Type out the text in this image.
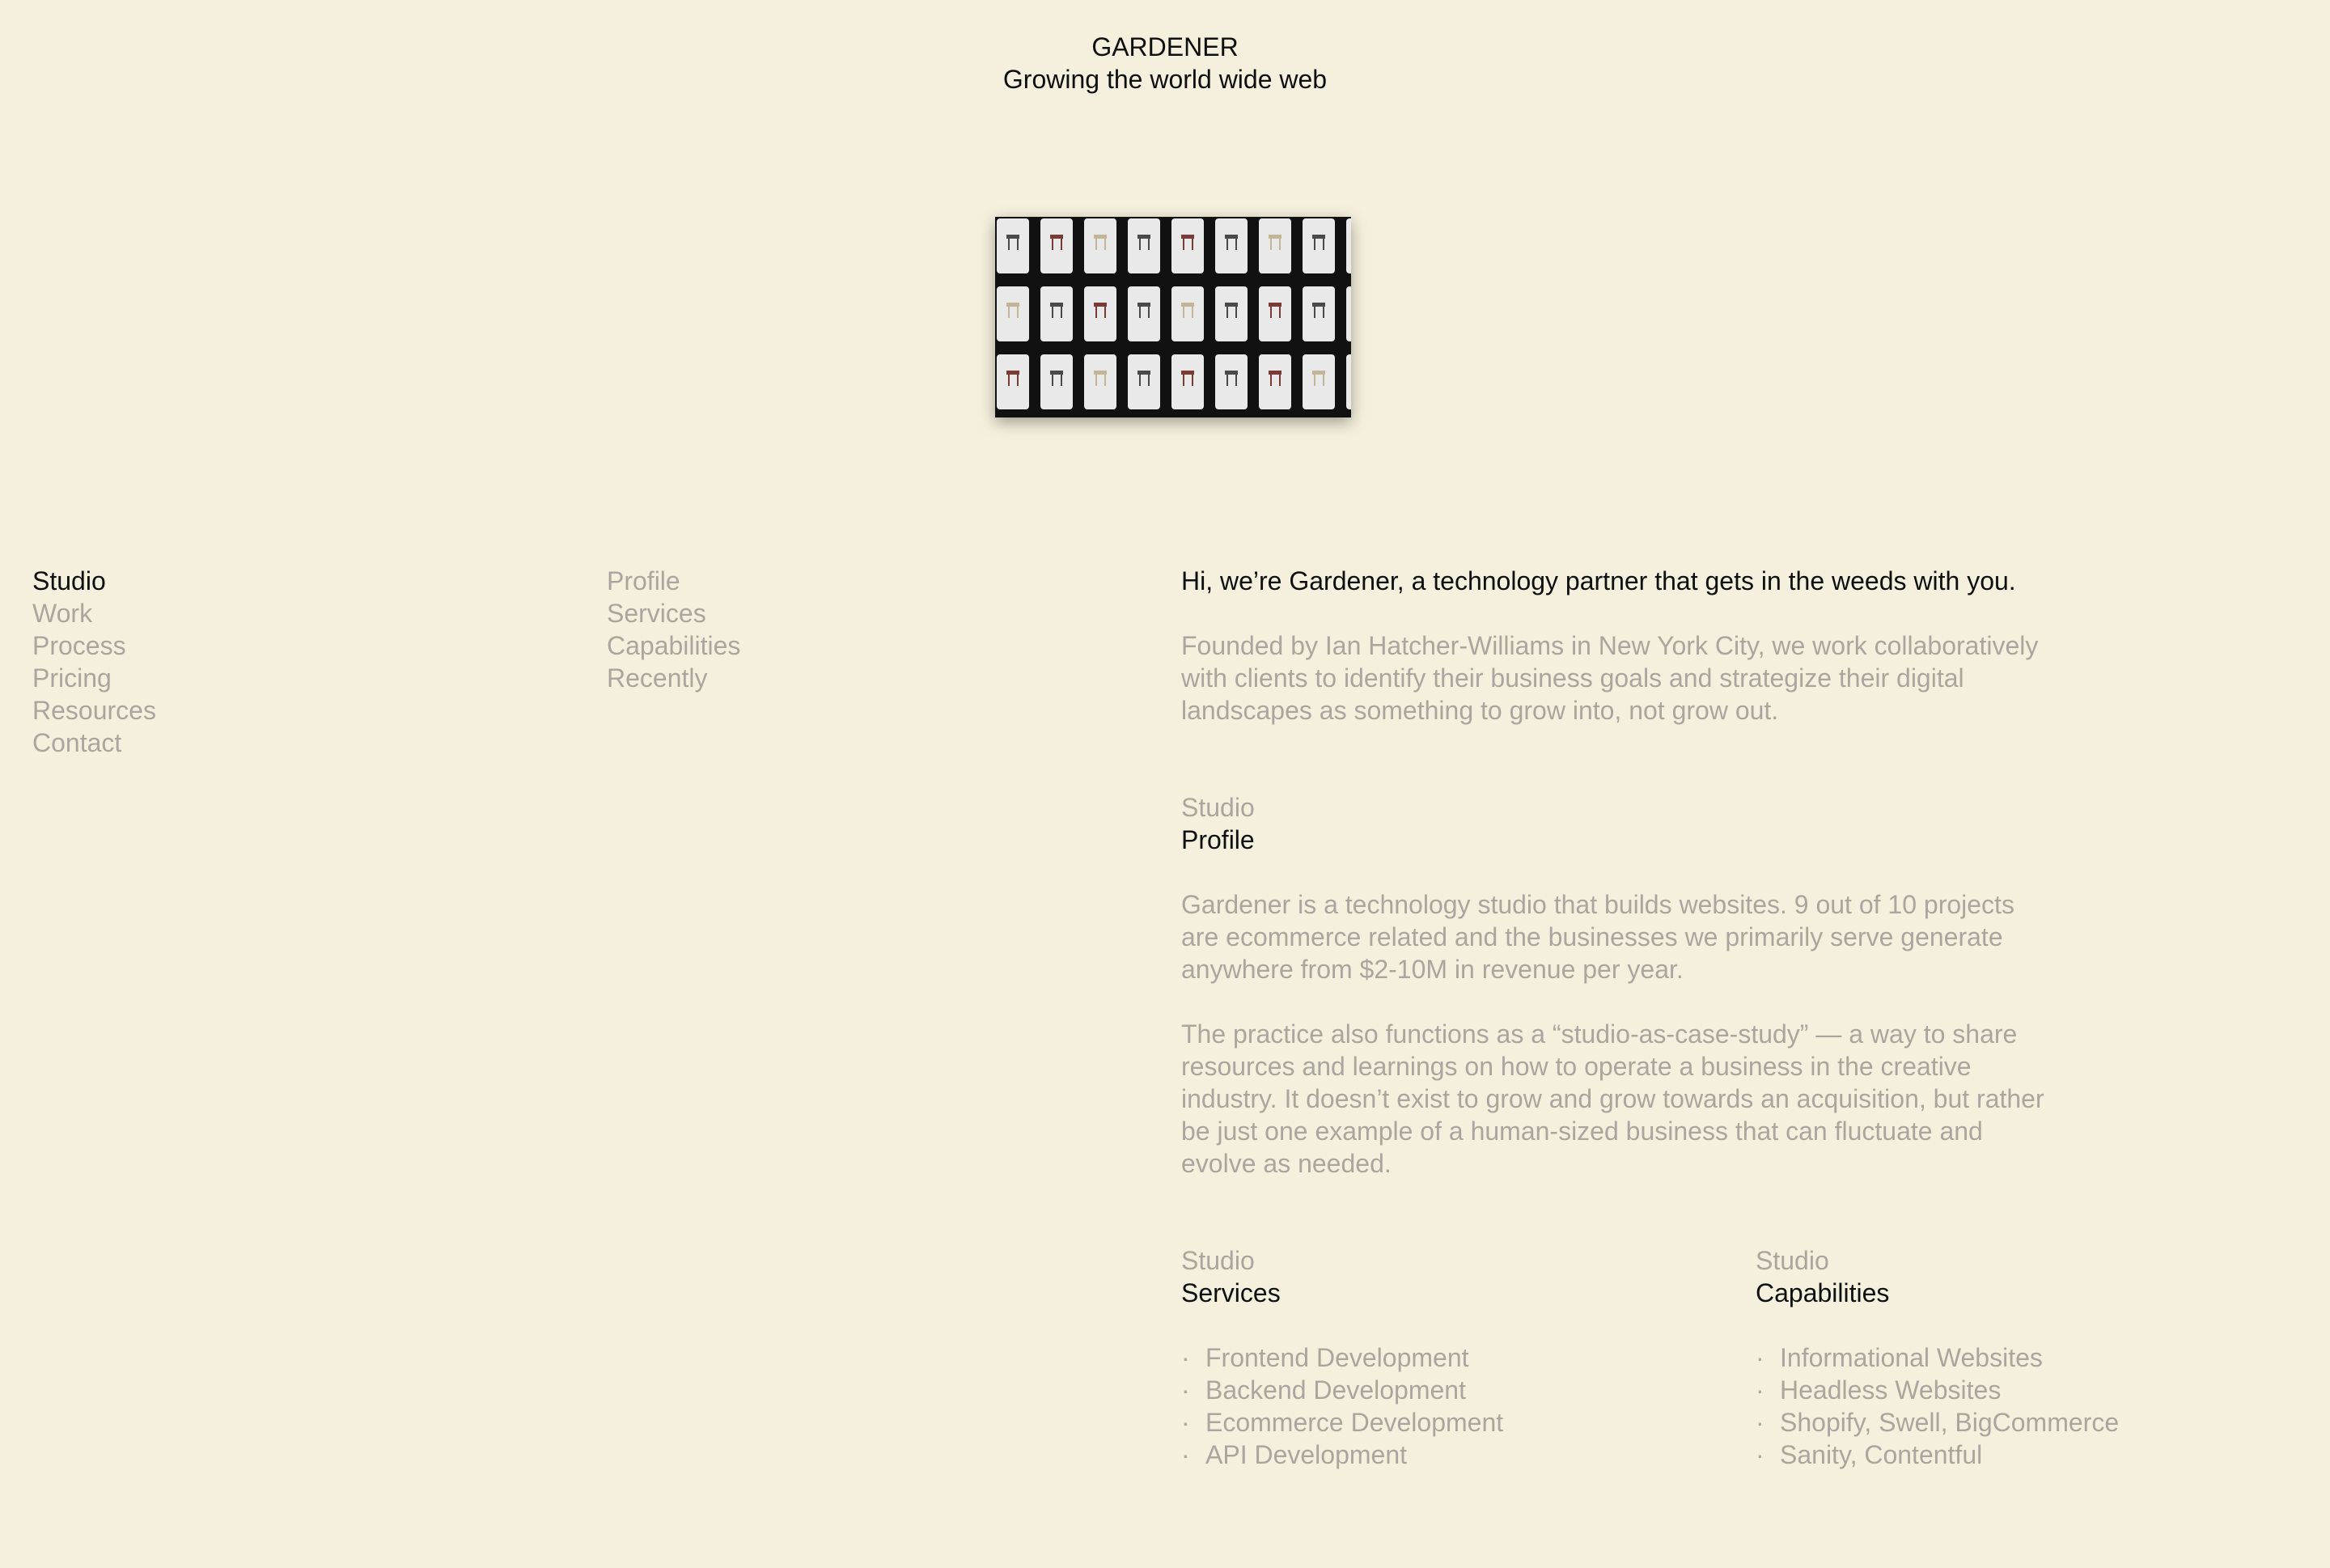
GARDENER
Growing the world wide web
Studio
Work
Process
Pricing
Resources
Contact
Profile
Services
Capabilities
Recently

Hi, we’re Gardener, a technology partner that gets in the weeds with you.

Founded by Ian Hatcher-Williams in New York City, we work collaboratively
with clients to identify their business goals and strategize their digital
landscapes as something to grow into, not grow out.
Studio
Profile
Gardener is a technology studio that builds websites. 9 out of 10 projects
are ecommerce related and the businesses we primarily serve generate
anywhere from $2-10M in revenue per year.
The practice also functions as a “studio-as-case-study” — a way to share
resources and learnings on how to operate a business in the creative
industry. It doesn’t exist to grow and grow towards an acquisition, but rather
be just one example of a human-sized business that can fluctuate and
evolve as needed.
Studio
Services
· Frontend Development
· Backend Development
· Ecommerce Development
· API Development
Studio
Capabilities
· Informational Websites
· Headless Websites
· Shopify, Swell, BigCommerce
· Sanity, Contentful
